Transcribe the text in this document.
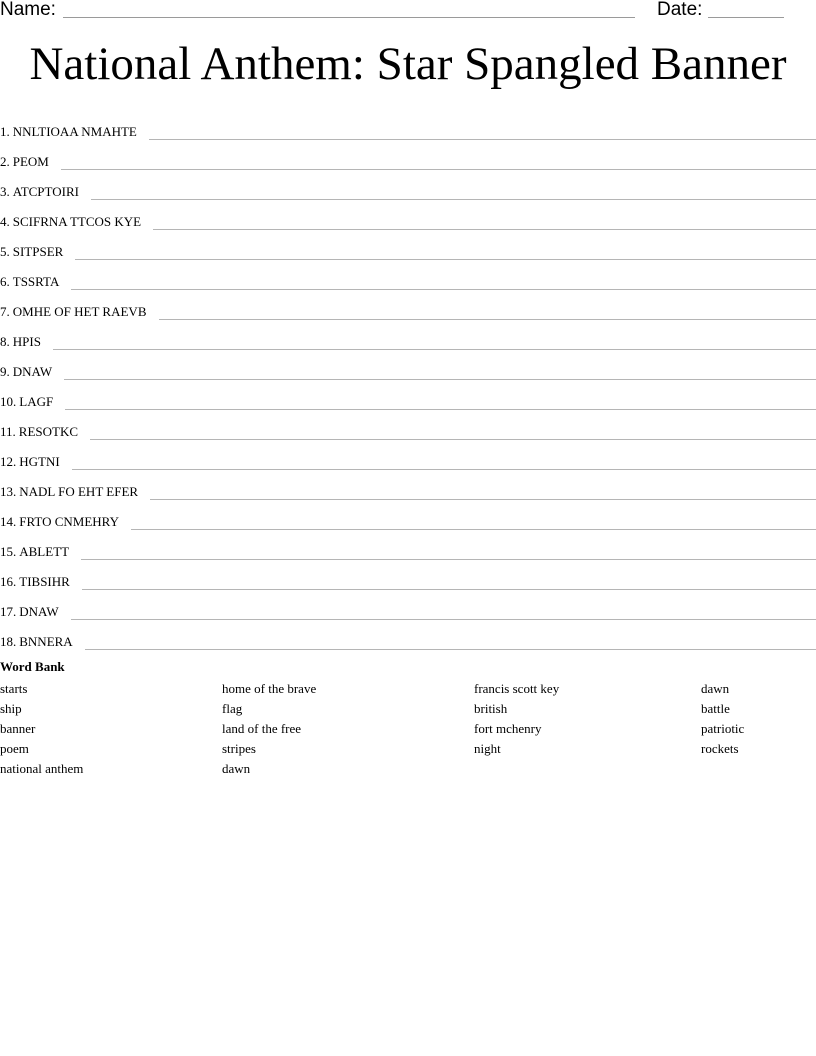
Name:	Date:
National Anthem: Star Spangled Banner
1. NNLTIOAA NMAHTE
2. PEOM
3. ATCPTOIRI
4. SCIFRNA TTCOS KYE
5. SITPSER
6. TSSRTA
7. OMHE OF HET RAEVB
8. HPIS
9. DNAW
10. LAGF
11. RESOTKC
12. HGTNI
13. NADL FO EHT EFER
14. FRTO CNMEHRY
15. ABLETT
16. TIBSIHR
17. DNAW
18. BNNERA
Word Bank
starts
ship
banner
poem
national anthem
home of the brave
flag
land of the free
stripes
dawn
francis scott key
british
fort mchenry
night
dawn
battle
patriotic
rockets
